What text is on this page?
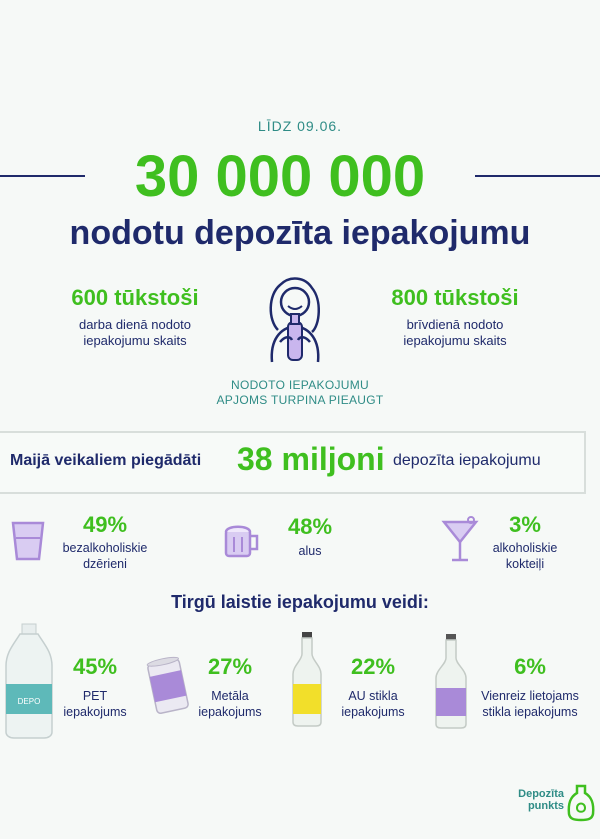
LĪDZ 09.06.
30 000 000
nodotu depozīta iepakojumu
600 tūkstoši
darba dienā nodoto
iepakojumu skaits
800 tūkstoši
brīvdienā nodoto
iepakojumu skaits
NODOTO IEPAKOJUMU
APJOMS TURPINA PIEAUGT
Maijā veikaliem piegādāti 38 miljoni depozīta iepakojumu
49%
bezalkoholiskie
dzērieni
48%
alus
3%
alkoholiskie
kokteiļi
Tirgū laistie iepakojumu veidi:
DEPO
45%
PET
iepakojums
27%
Metāla
iepakojums
22%
AU stikla
iepakojums
6%
Vienreiz lietojams
stikla iepakojums
Depozīta
punkts
